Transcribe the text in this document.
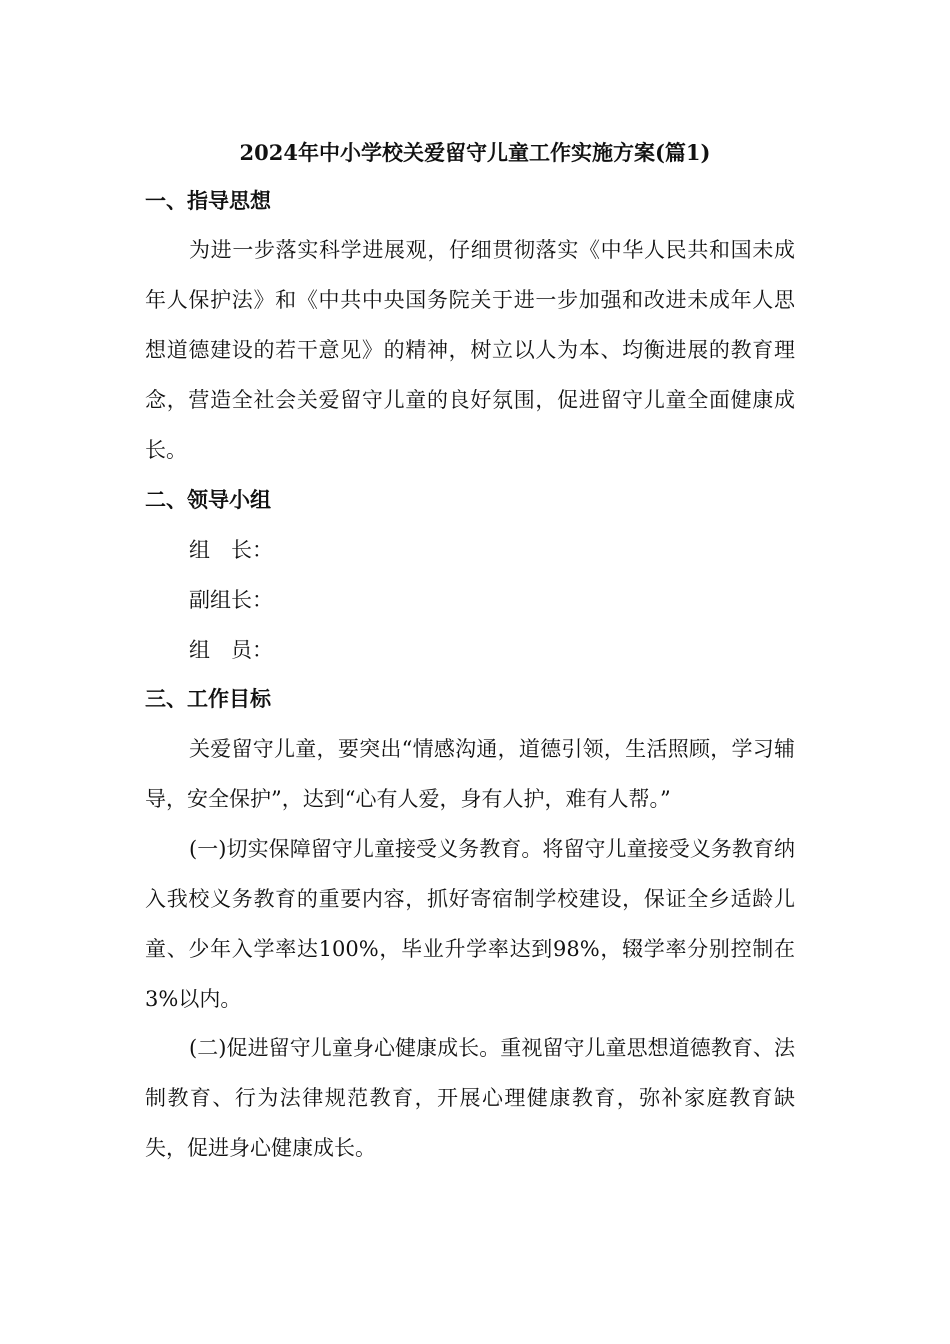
2024年中小学校关爱留守儿童工作实施方案(篇1)
一、指导思想
为进一步落实科学进展观，仔细贯彻落实《中华人民共和国未成年人保护法》和《中共中央国务院关于进一步加强和改进未成年人思想道德建设的若干意见》的精神，树立以人为本、均衡进展的教育理念，营造全社会关爱留守儿童的良好氛围，促进留守儿童全面健康成长。
二、领导小组
组　长：
副组长：
组　员：
三、工作目标
关爱留守儿童，要突出“情感沟通，道德引领，生活照顾，学习辅导，安全保护”，达到“心有人爱，身有人护，难有人帮。”
(一)切实保障留守儿童接受义务教育。将留守儿童接受义务教育纳入我校义务教育的重要内容，抓好寄宿制学校建设，保证全乡适龄儿童、少年入学率达100%，毕业升学率达到98%，辍学率分别控制在3%以内。
(二)促进留守儿童身心健康成长。重视留守儿童思想道德教育、法制教育、行为法律规范教育，开展心理健康教育，弥补家庭教育缺失，促进身心健康成长。
